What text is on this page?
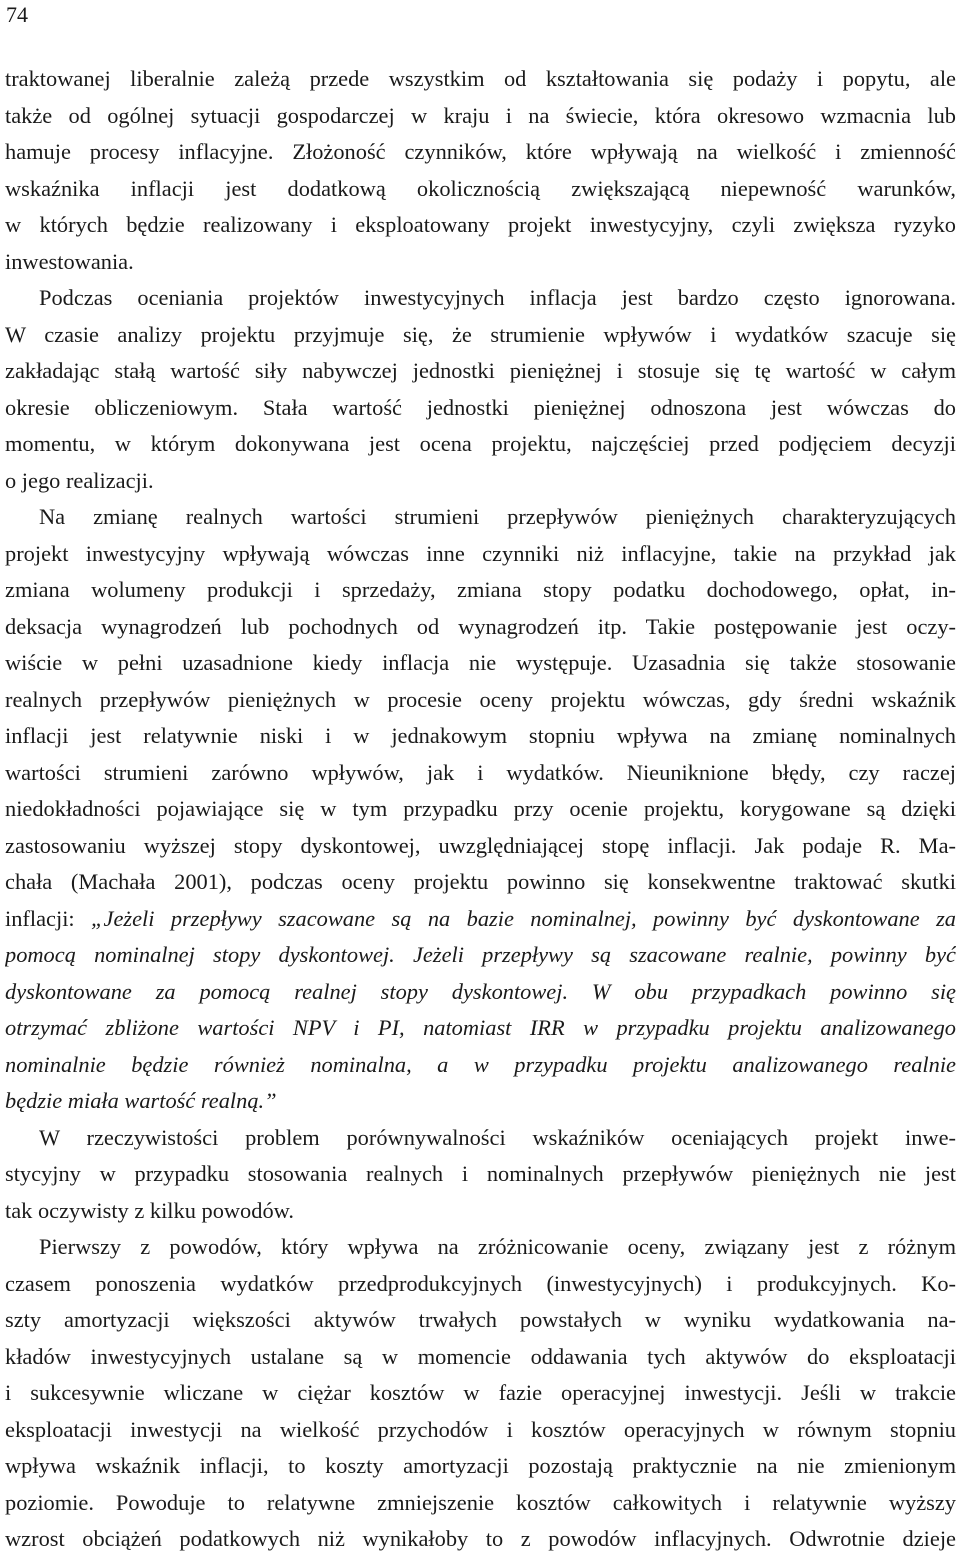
74
traktowanej liberalnie zależą przede wszystkim od kształtowania się podaży i popytu, ale
także od ogólnej sytuacji gospodarczej w kraju i na świecie, która okresowo wzmacnia lub
hamuje procesy inflacyjne. Złożoność czynników, które wpływają na wielkość i zmienność
wskaźnika inflacji jest dodatkową okolicznością zwiększającą niepewność warunków,
w których będzie realizowany i eksploatowany projekt inwestycyjny, czyli zwiększa ryzyko
inwestowania.
Podczas oceniania projektów inwestycyjnych inflacja jest bardzo często ignorowana.
W czasie analizy projektu przyjmuje się, że strumienie wpływów i wydatków szacuje się
zakładając stałą wartość siły nabywczej jednostki pieniężnej i stosuje się tę wartość w całym
okresie obliczeniowym. Stała wartość jednostki pieniężnej odnoszona jest wówczas do
momentu, w którym dokonywana jest ocena projektu, najczęściej przed podjęciem decyzji
o jego realizacji.
Na zmianę realnych wartości strumieni przepływów pieniężnych charakteryzujących
projekt inwestycyjny wpływają wówczas inne czynniki niż inflacyjne, takie na przykład jak
zmiana wolumeny produkcji i sprzedaży, zmiana stopy podatku dochodowego, opłat, in-
deksacja wynagrodzeń lub pochodnych od wynagrodzeń itp. Takie postępowanie jest oczy-
wiście w pełni uzasadnione kiedy inflacja nie występuje. Uzasadnia się także stosowanie
realnych przepływów pieniężnych w procesie oceny projektu wówczas, gdy średni wskaźnik
inflacji jest relatywnie niski i w jednakowym stopniu wpływa na zmianę nominalnych
wartości strumieni zarówno wpływów, jak i wydatków. Nieuniknione błędy, czy raczej
niedokładności pojawiające się w tym przypadku przy ocenie projektu, korygowane są dzięki
zastosowaniu wyższej stopy dyskontowej, uwzględniającej stopę inflacji. Jak podaje R. Ma-
chała (Machała 2001), podczas oceny projektu powinno się konsekwentne traktować skutki
inflacji: „Jeżeli przepływy szacowane są na bazie nominalnej, powinny być dyskontowane za
pomocą nominalnej stopy dyskontowej. Jeżeli przepływy są szacowane realnie, powinny być
dyskontowane za pomocą realnej stopy dyskontowej. W obu przypadkach powinno się
otrzymać zbliżone wartości NPV i PI, natomiast IRR w przypadku projektu analizowanego
nominalnie będzie również nominalna, a w przypadku projektu analizowanego realnie
będzie miała wartość realną.”
W rzeczywistości problem porównywalności wskaźników oceniających projekt inwe-
stycyjny w przypadku stosowania realnych i nominalnych przepływów pieniężnych nie jest
tak oczywisty z kilku powodów.
Pierwszy z powodów, który wpływa na zróżnicowanie oceny, związany jest z różnym
czasem ponoszenia wydatków przedprodukcyjnych (inwestycyjnych) i produkcyjnych. Ko-
szty amortyzacji większości aktywów trwałych powstałych w wyniku wydatkowania na-
kładów inwestycyjnych ustalane są w momencie oddawania tych aktywów do eksploatacji
i sukcesywnie wliczane w ciężar kosztów w fazie operacyjnej inwestycji. Jeśli w trakcie
eksploatacji inwestycji na wielkość przychodów i kosztów operacyjnych w równym stopniu
wpływa wskaźnik inflacji, to koszty amortyzacji pozostają praktycznie na nie zmienionym
poziomie. Powoduje to relatywne zmniejszenie kosztów całkowitych i relatywnie wyższy
wzrost obciążeń podatkowych niż wynikałoby to z powodów inflacyjnych. Odwrotnie dzieje
